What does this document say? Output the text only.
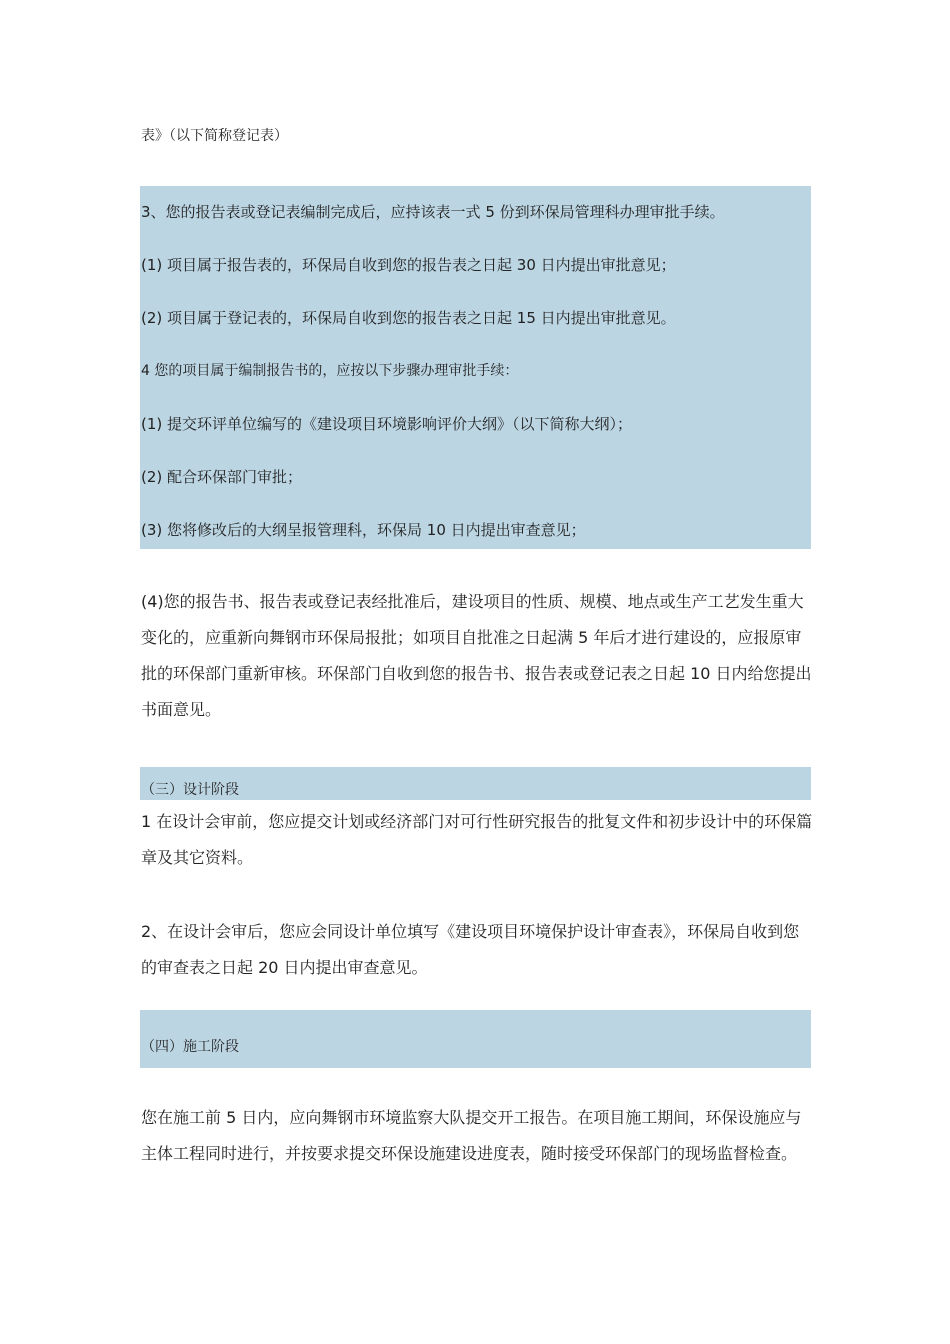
表》（以下简称登记表）
3、您的报告表或登记表编制完成后，应持该表一式 5 份到环保局管理科办理审批手续。
(1) 项目属于报告表的，环保局自收到您的报告表之日起 30 日内提出审批意见；
(2) 项目属于登记表的，环保局自收到您的报告表之日起 15 日内提出审批意见。
4 您的项目属于编制报告书的，应按以下步骤办理审批手续：
(1) 提交环评单位编写的《建设项目环境影响评价大纲》（以下简称大纲）；
(2) 配合环保部门审批；
(3) 您将修改后的大纲呈报管理科，环保局 10 日内提出审查意见；
(4)您的报告书、报告表或登记表经批准后，建设项目的性质、规模、地点或生产工艺发生重大
变化的，应重新向舞钢市环保局报批；如项目自批准之日起满 5 年后才进行建设的，应报原审
批的环保部门重新审核。环保部门自收到您的报告书、报告表或登记表之日起 10 日内给您提出
书面意见。
（三）设计阶段
1 在设计会审前，您应提交计划或经济部门对可行性研究报告的批复文件和初步设计中的环保篇
章及其它资料。
2、在设计会审后，您应会同设计单位填写《建设项目环境保护设计审查表》，环保局自收到您
的审查表之日起 20 日内提出审查意见。
（四）施工阶段
您在施工前 5 日内，应向舞钢市环境监察大队提交开工报告。在项目施工期间，环保设施应与
主体工程同时进行，并按要求提交环保设施建设进度表，随时接受环保部门的现场监督检查。
